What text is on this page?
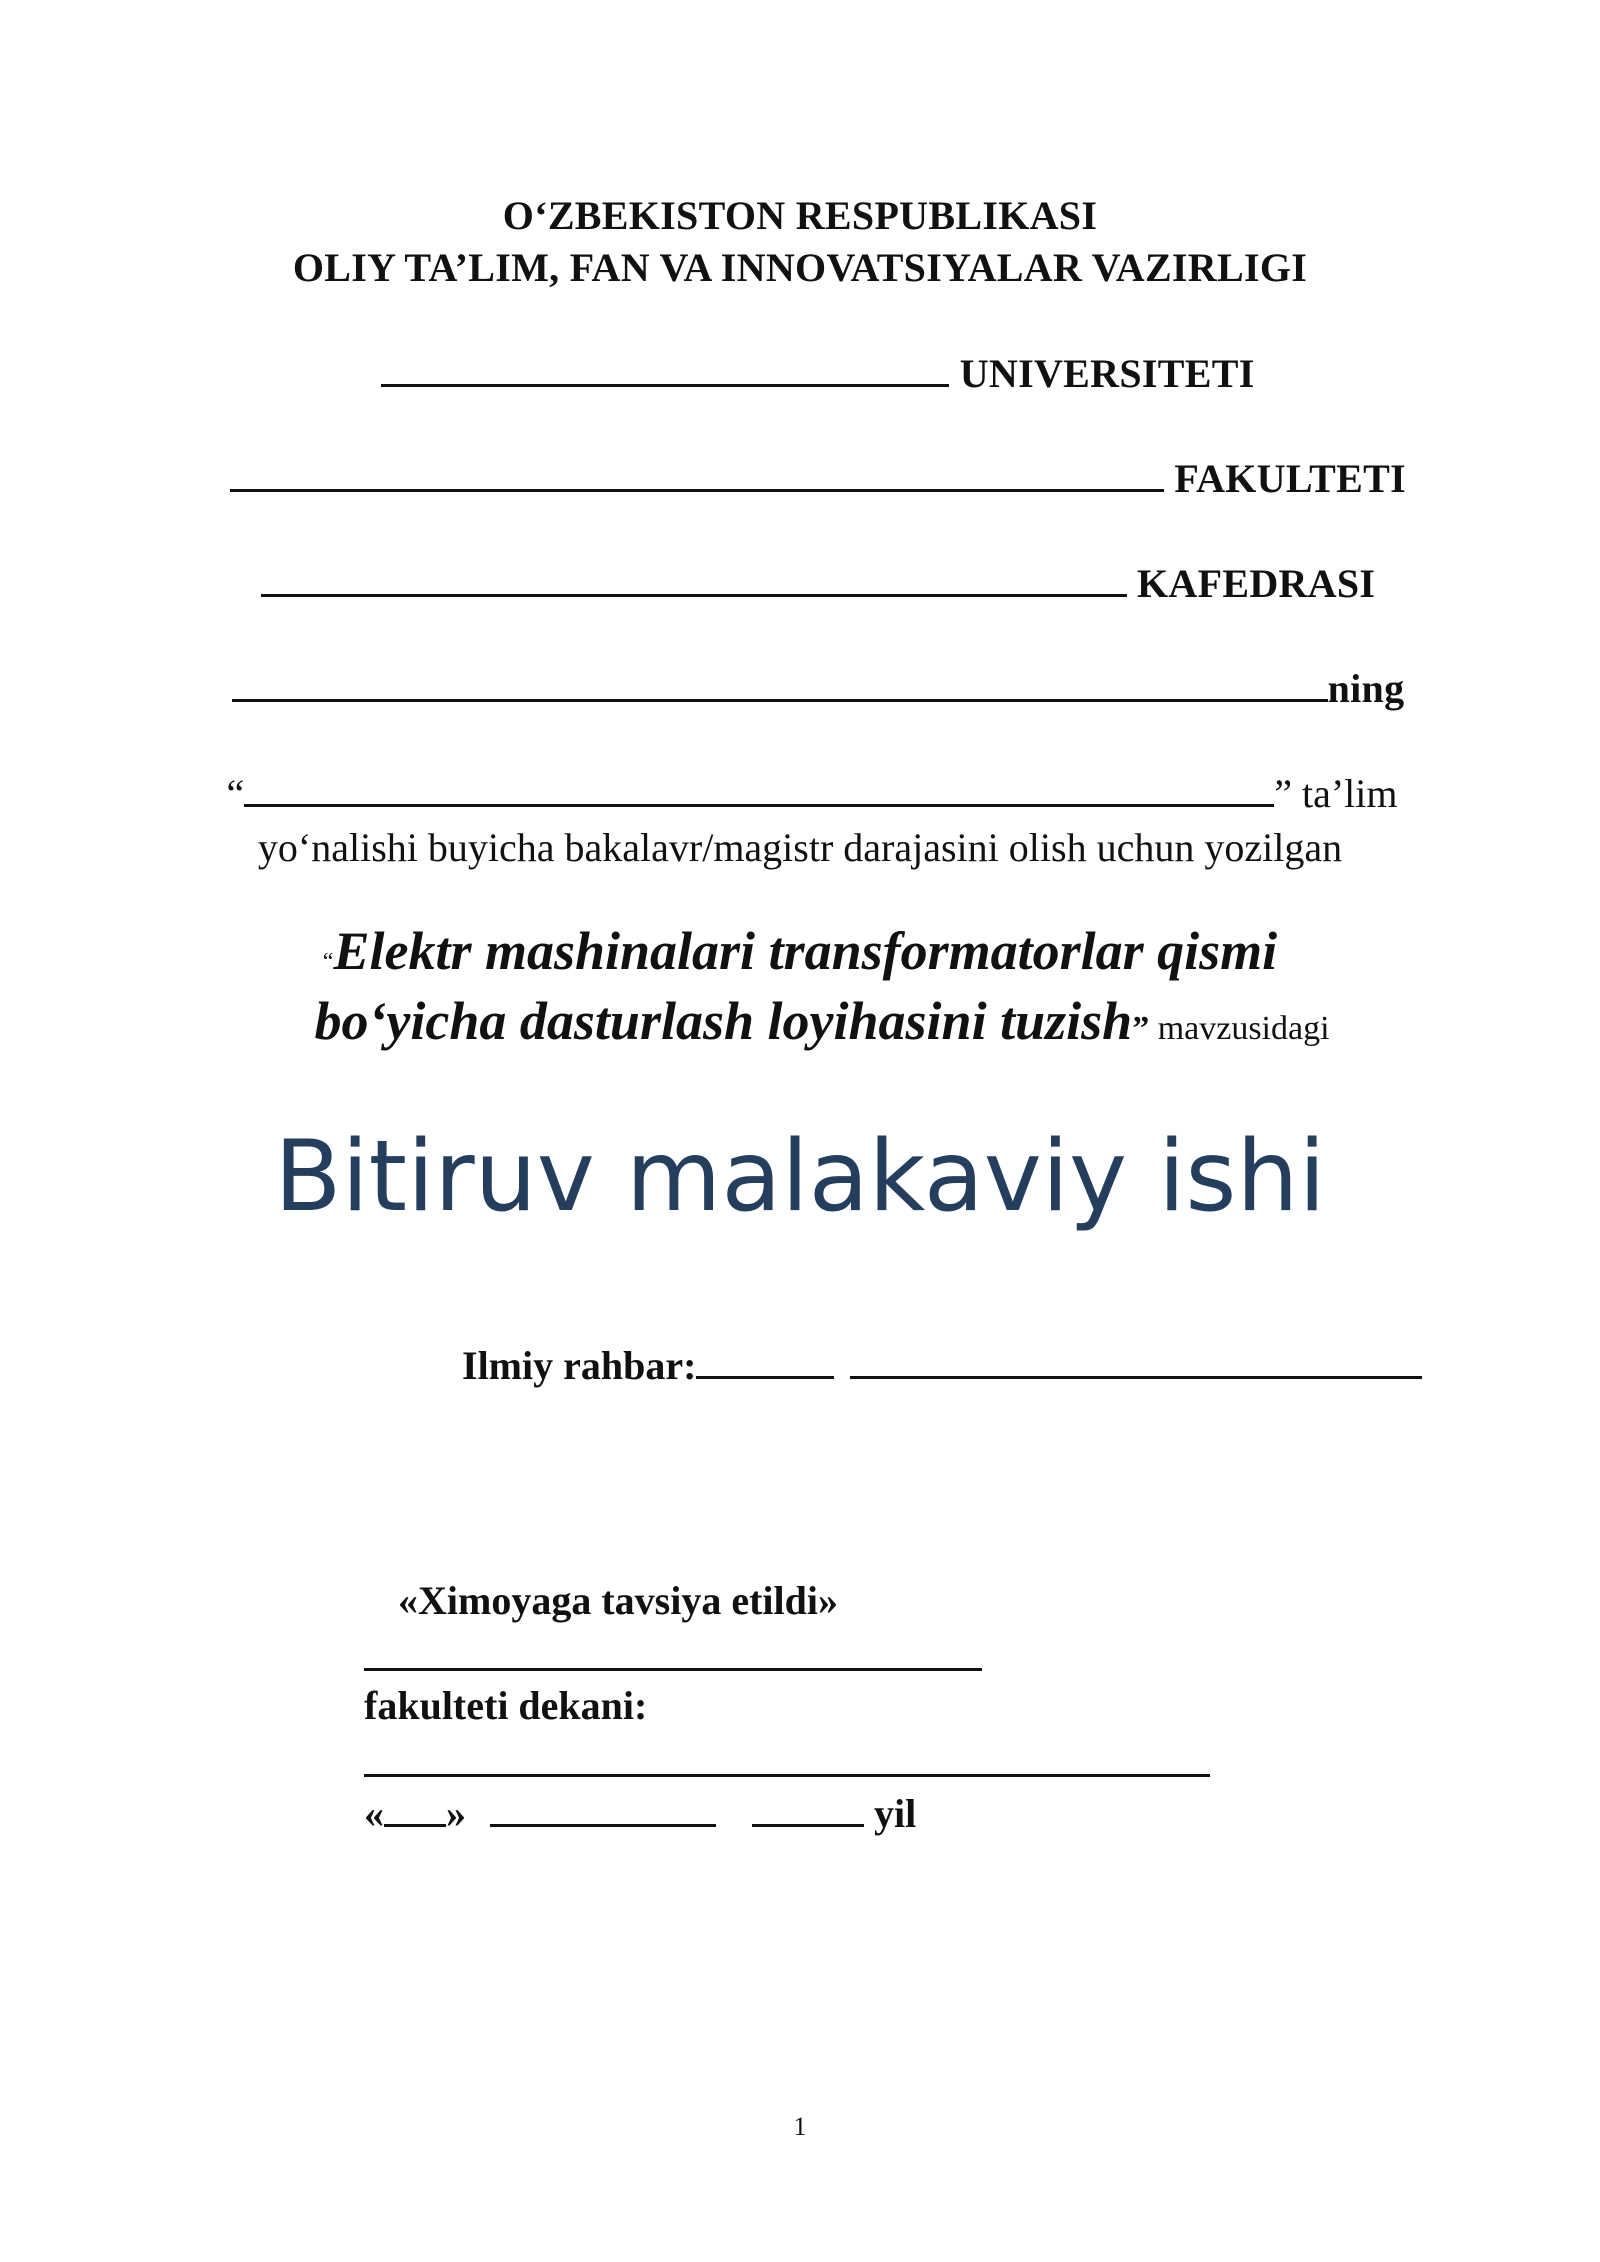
O‘ZBEKISTON RESPUBLIKASI
OLIY TA’LIM, FAN VA INNOVATSIYALAR VAZIRLIGI
UNIVERSITETI
FAKULTETI
KAFEDRASI
ning
“	” ta’lim
yo‘nalishi buyicha bakalavr/magistr darajasini olish uchun yozilgan
“Elektr mashinalari transformatorlar qismi
bo‘yicha dasturlash loyihasini tuzish” mavzusidagi
Bitiruv malakaviy ishi
Ilmiy rahbar:
«Ximoyaga tavsiya etildi»
fakulteti dekani:
« »	yil
1
